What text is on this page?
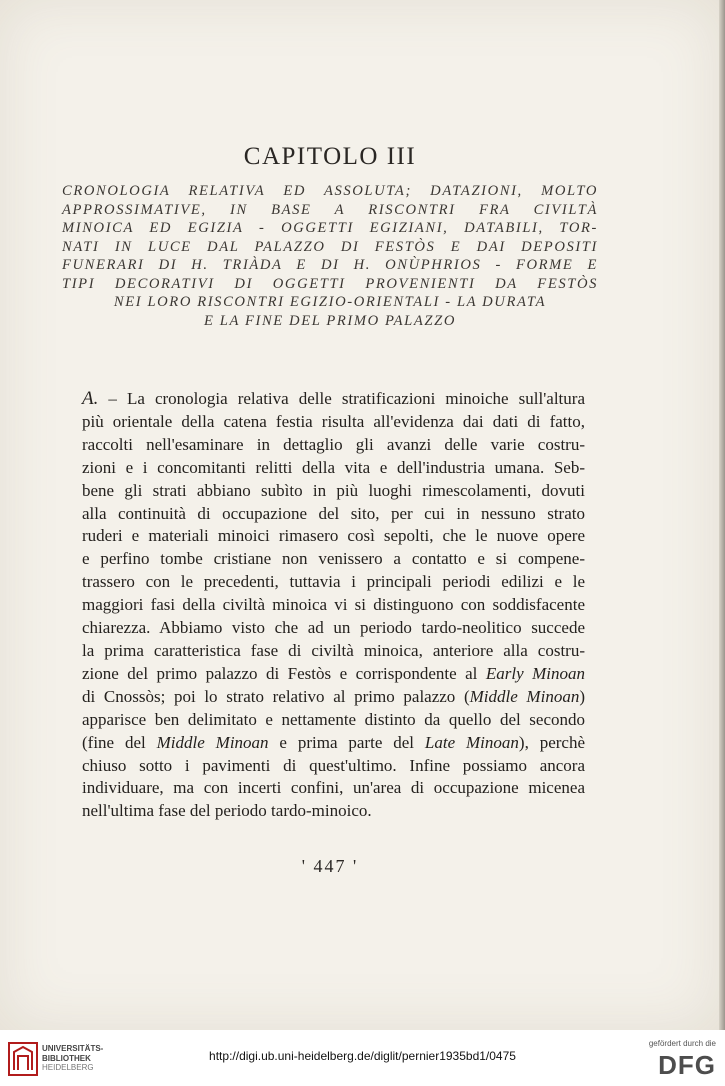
CAPITOLO III
CRONOLOGIA RELATIVA ED ASSOLUTA; DATAZIONI, MOLTO
APPROSSIMATIVE, IN BASE A RISCONTRI FRA CIVILTÀ
MINOICA ED EGIZIA - OGGETTI EGIZIANI, DATABILI, TOR-
NATI IN LUCE DAL PALAZZO DI FESTÒS E DAI DEPOSITI
FUNERARI DI H. TRIÀDA E DI H. ONÙPHRIOS - FORME E
TIPI DECORATIVI DI OGGETTI PROVENIENTI DA FESTÒS
NEI LORO RISCONTRI EGIZIO-ORIENTALI - LA DURATA
E LA FINE DEL PRIMO PALAZZO
A. – La cronologia relativa delle stratificazioni minoiche sull'altura
più orientale della catena festia risulta all'evidenza dai dati di fatto,
raccolti nell'esaminare in dettaglio gli avanzi delle varie costru-
zioni e i concomitanti relitti della vita e dell'industria umana. Seb-
bene gli strati abbiano subìto in più luoghi rimescolamenti, dovuti
alla continuità di occupazione del sito, per cui in nessuno strato
ruderi e materiali minoici rimasero così sepolti, che le nuove opere
e perfino tombe cristiane non venissero a contatto e si compene-
trassero con le precedenti, tuttavia i principali periodi edilizi e le
maggiori fasi della civiltà minoica vi si distinguono con soddisfacente
chiarezza. Abbiamo visto che ad un periodo tardo-neolitico succede
la prima caratteristica fase di civiltà minoica, anteriore alla costru-
zione del primo palazzo di Festòs e corrispondente al Early Minoan
di Cnossòs; poi lo strato relativo al primo palazzo (Middle Minoan)
apparisce ben delimitato e nettamente distinto da quello del secondo
(fine del Middle Minoan e prima parte del Late Minoan), perchè
chiuso sotto i pavimenti di quest'ultimo. Infine possiamo ancora
individuare, ma con incerti confini, un'area di occupazione micenea
nell'ultima fase del periodo tardo-minoico.
' 447 '
UNIVERSITÄTS-
BIBLIOTHEK
HEIDELBERG
http://digi.ub.uni-heidelberg.de/diglit/pernier1935bd1/0475
gefördert durch die
DFG
